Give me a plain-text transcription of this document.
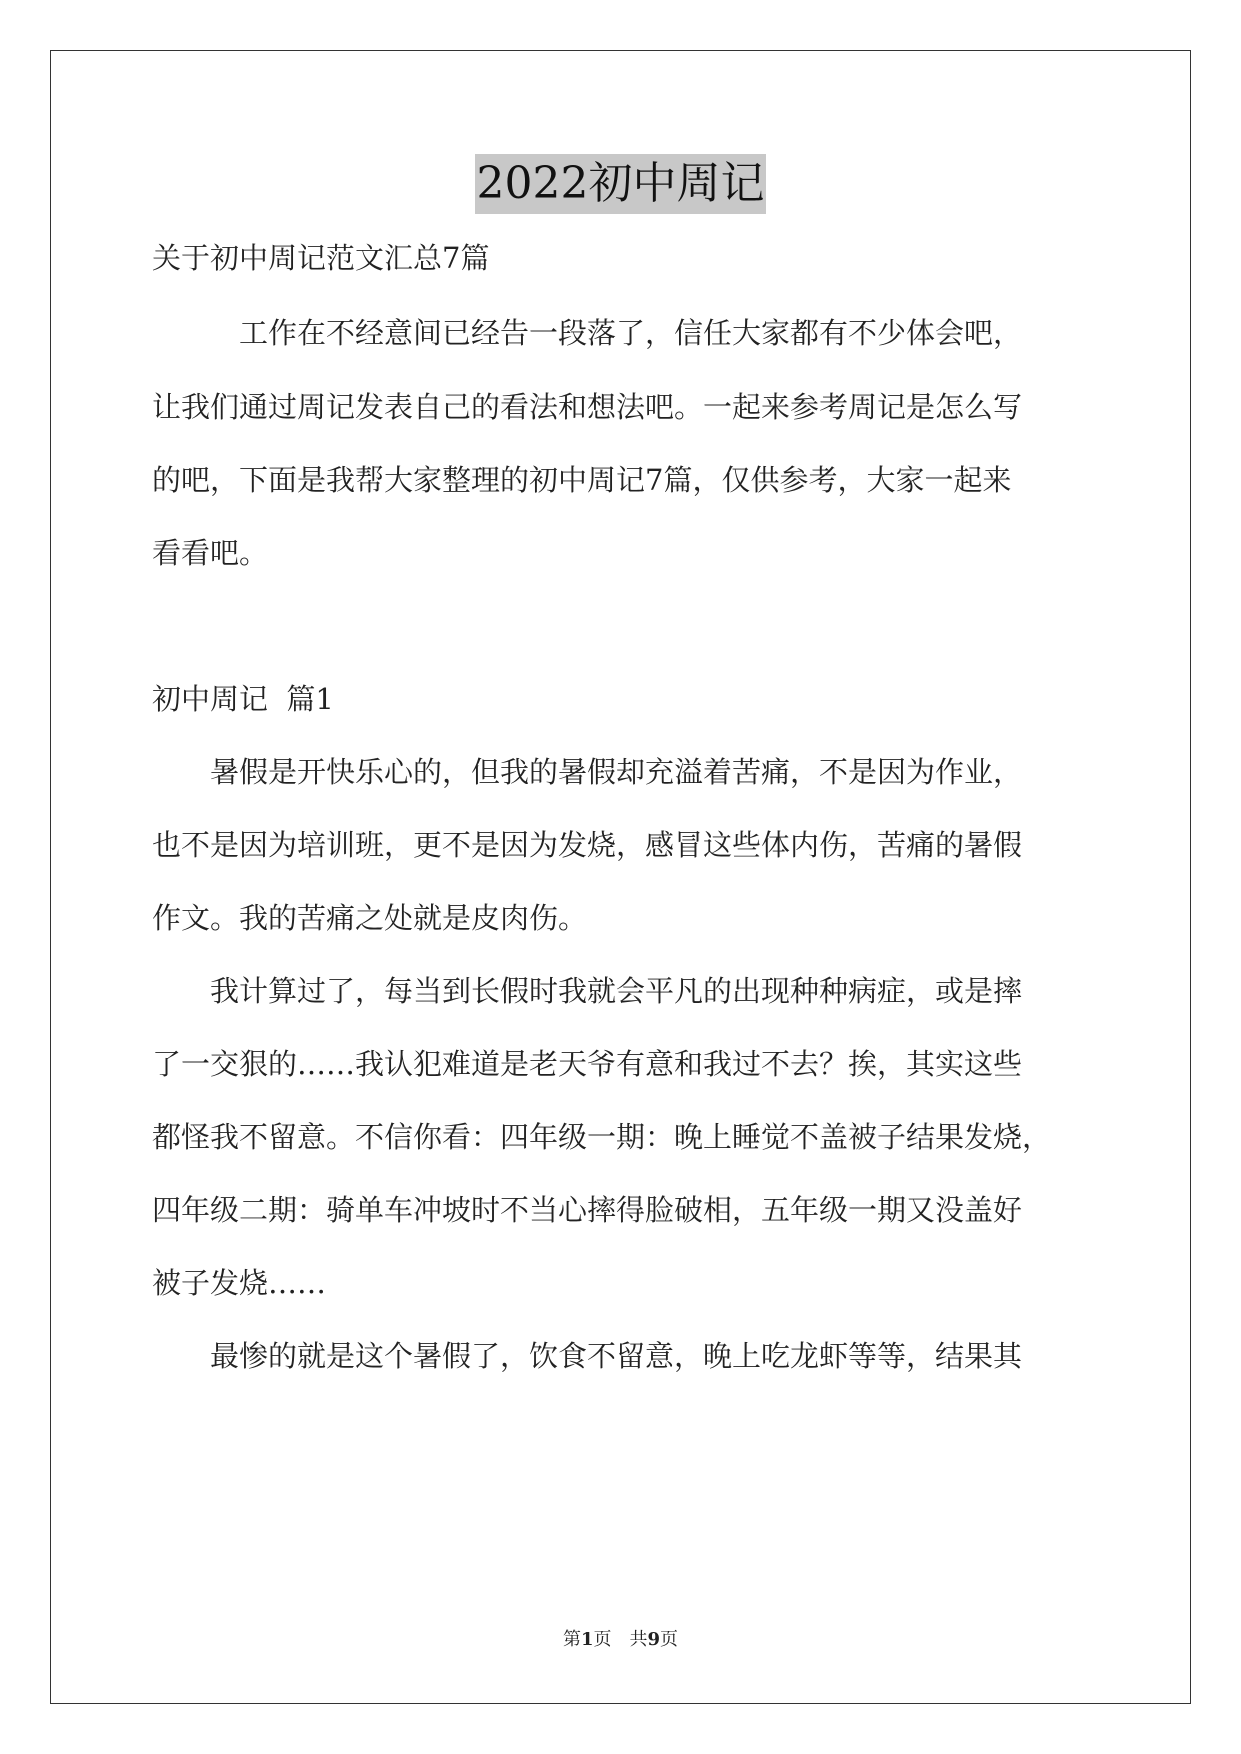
2022初中周记
关于初中周记范文汇总7篇
　　　工作在不经意间已经告一段落了，信任大家都有不少体会吧，
让我们通过周记发表自己的看法和想法吧。一起来参考周记是怎么写
的吧，下面是我帮大家整理的初中周记7篇，仅供参考，大家一起来
看看吧。
初中周记  篇1
　　暑假是开快乐心的，但我的暑假却充溢着苦痛，不是因为作业，
也不是因为培训班，更不是因为发烧，感冒这些体内伤，苦痛的暑假
作文。我的苦痛之处就是皮肉伤。
　　我计算过了，每当到长假时我就会平凡的出现种种病症，或是摔
了一交狠的……我认犯难道是老天爷有意和我过不去？挨，其实这些
都怪我不留意。不信你看：四年级一期：晚上睡觉不盖被子结果发烧，
四年级二期：骑单车冲坡时不当心摔得脸破相，五年级一期又没盖好
被子发烧……
　　最惨的就是这个暑假了，饮食不留意，晚上吃龙虾等等，结果其
第1页　共9页
